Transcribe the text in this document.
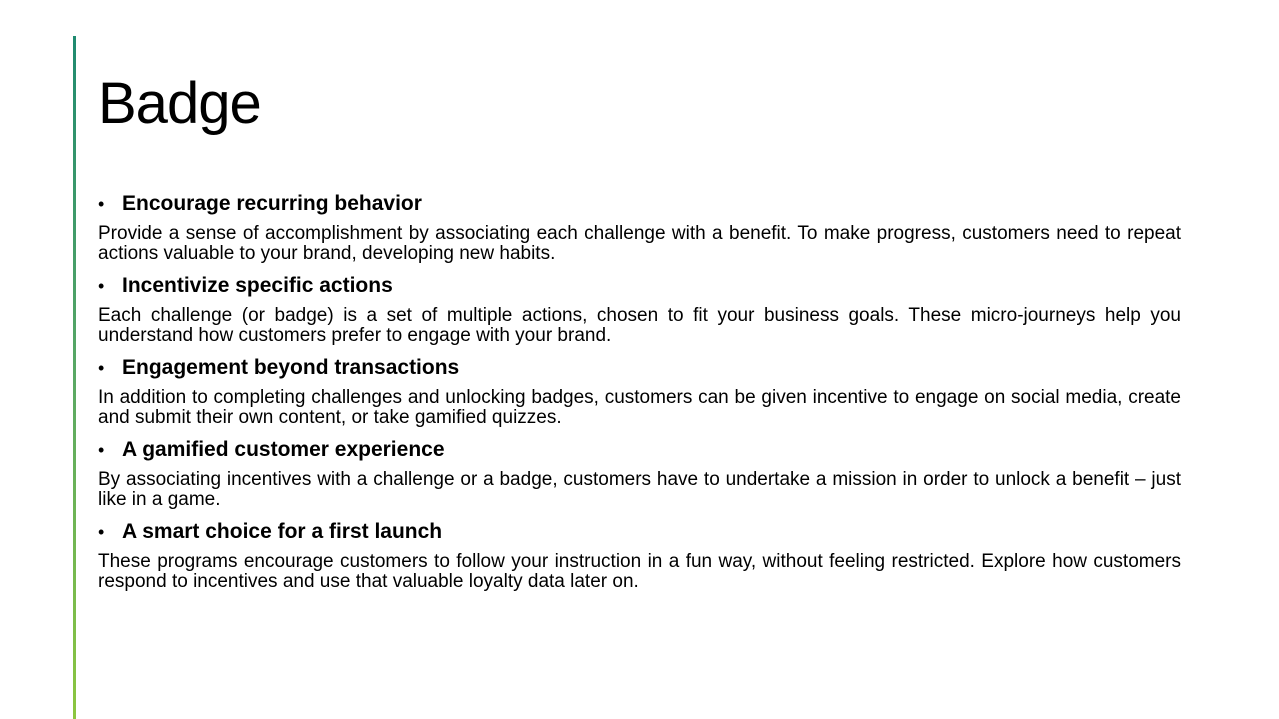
Badge
• Encourage recurring behavior

Provide a sense of accomplishment by associating each challenge with a benefit. To make progress, customers need to repeat actions valuable to your brand, developing new habits.

• Incentivize specific actions

Each challenge (or badge) is a set of multiple actions, chosen to fit your business goals. These micro-journeys help you understand how customers prefer to engage with your brand.

• Engagement beyond transactions

In addition to completing challenges and unlocking badges, customers can be given incentive to engage on social media, create and submit their own content, or take gamified quizzes.

• A gamified customer experience

By associating incentives with a challenge or a badge, customers have to undertake a mission in order to unlock a benefit – just like in a game.

• A smart choice for a first launch

These programs encourage customers to follow your instruction in a fun way, without feeling restricted. Explore how customers respond to incentives and use that valuable loyalty data later on.
